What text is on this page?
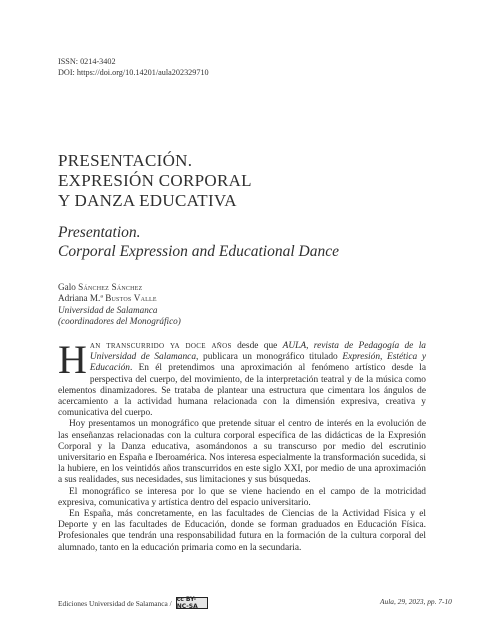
ISSN: 0214-3402
DOI: https://doi.org/10.14201/aula202329710
PRESENTACIÓN.
EXPRESIÓN CORPORAL
Y DANZA EDUCATIVA
Presentation.
Corporal Expression and Educational Dance
Galo Sánchez Sánchez
Adriana M.ª Bustos Valle
Universidad de Salamanca
(coordinadores del Monográfico)

Han transcurrido ya doce años desde que AULA, revista de Pedagogía de la Universidad de Salamanca, publicara un monográfico titulado Expresión, Estética y Educación. En él pretendimos una aproximación al fenómeno artístico desde la perspectiva del cuerpo, del movimiento, de la interpretación teatral y de la música como elementos dinamizadores. Se trataba de plantear una estructura que cimentara los ángulos de acercamiento a la actividad humana relacionada con la dimensión expresiva, creativa y comunicativa del cuerpo.

Hoy presentamos un monográfico que pretende situar el centro de interés en la evolución de las enseñanzas relacionadas con la cultura corporal específica de las didácticas de la Expresión Corporal y la Danza educativa, asomándonos a su transcurso por medio del escrutinio universitario en España e Iberoamérica. Nos interesa especialmente la transformación sucedida, si la hubiere, en los veintidós años transcurridos en este siglo XXI, por medio de una aproximación a sus realidades, sus necesidades, sus limitaciones y sus búsquedas.

El monográfico se interesa por lo que se viene haciendo en el campo de la motricidad expresiva, comunicativa y artística dentro del espacio universitario.

En España, más concretamente, en las facultades de Ciencias de la Actividad Física y el Deporte y en las facultades de Educación, donde se forman graduados en Educación Física. Profesionales que tendrán una responsabilidad futura en la formación de la cultura corporal del alumnado, tanto en la educación primaria como en la secundaria.

Ediciones Universidad de Salamanca / cc BY-NC-SA
Aula, 29, 2023, pp. 7-10
